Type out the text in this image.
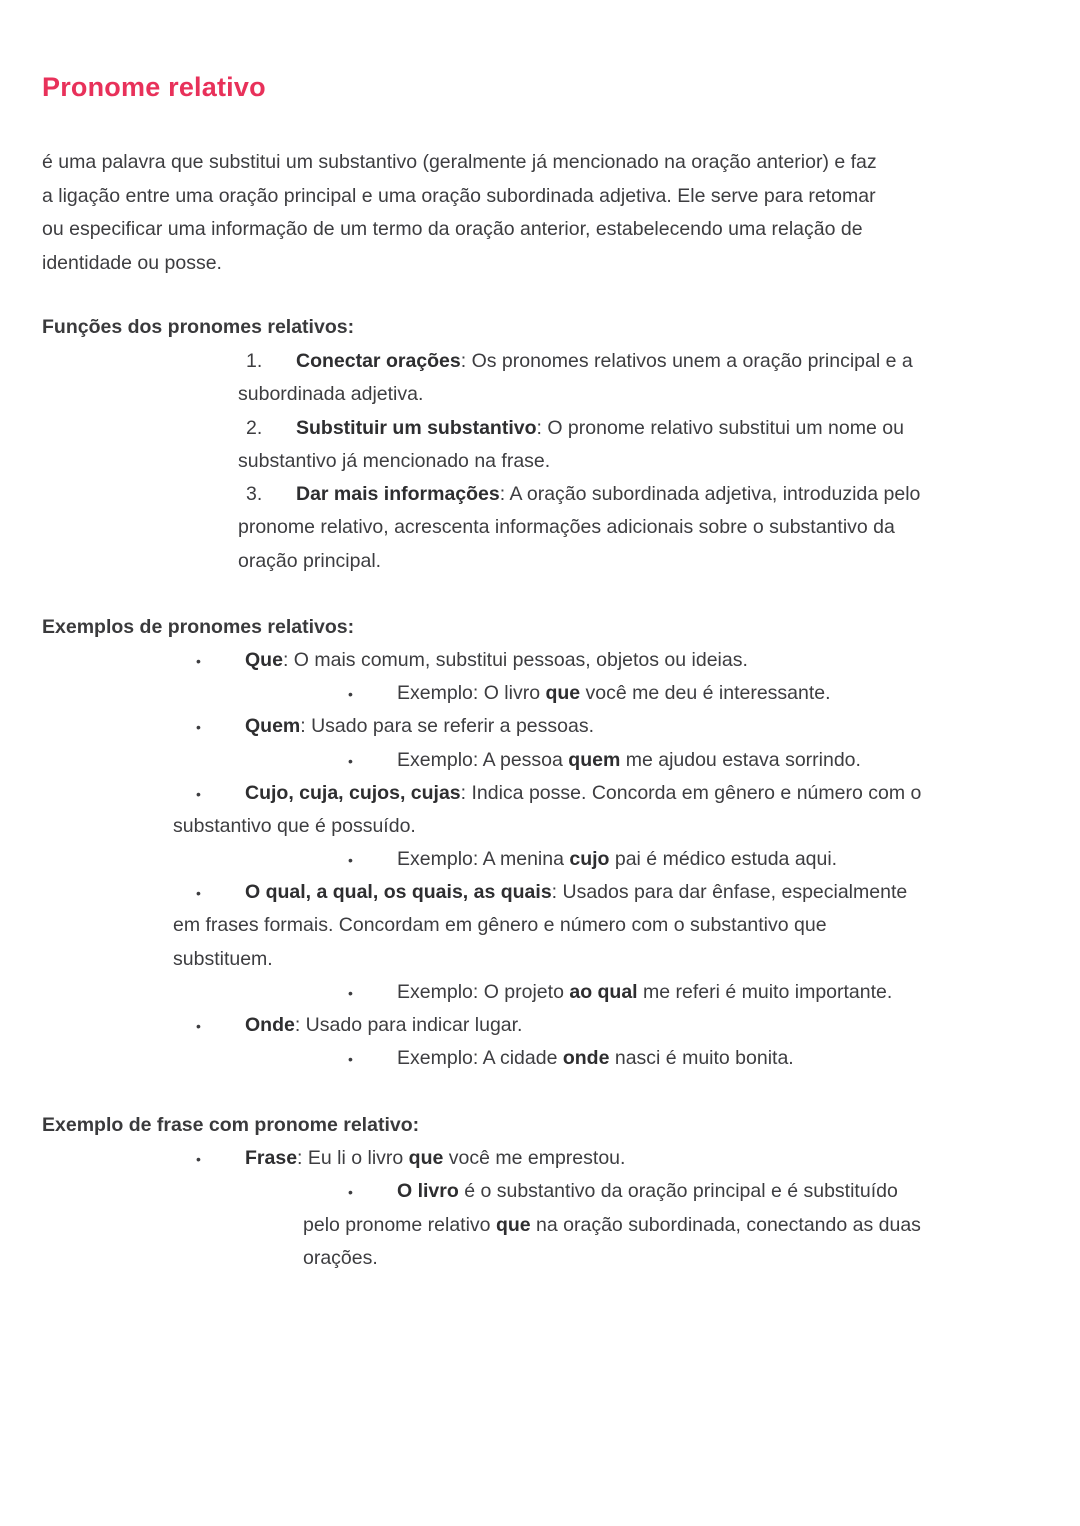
Pronome relativo
é uma palavra que substitui um substantivo (geralmente já mencionado na oração anterior) e faz
a ligação entre uma oração principal e uma oração subordinada adjetiva. Ele serve para retomar
ou especificar uma informação de um termo da oração anterior, estabelecendo uma relação de
identidade ou posse.
Funções dos pronomes relativos:
1. Conectar orações: Os pronomes relativos unem a oração principal e a
subordinada adjetiva.
2. Substituir um substantivo: O pronome relativo substitui um nome ou
substantivo já mencionado na frase.
3. Dar mais informações: A oração subordinada adjetiva, introduzida pelo
pronome relativo, acrescenta informações adicionais sobre o substantivo da
oração principal.
Exemplos de pronomes relativos:
• Que: O mais comum, substitui pessoas, objetos ou ideias.
• Exemplo: O livro que você me deu é interessante.
• Quem: Usado para se referir a pessoas.
• Exemplo: A pessoa quem me ajudou estava sorrindo.
• Cujo, cuja, cujos, cujas: Indica posse. Concorda em gênero e número com o
substantivo que é possuído.
• Exemplo: A menina cujo pai é médico estuda aqui.
• O qual, a qual, os quais, as quais: Usados para dar ênfase, especialmente
em frases formais. Concordam em gênero e número com o substantivo que
substituem.
• Exemplo: O projeto ao qual me referi é muito importante.
• Onde: Usado para indicar lugar.
• Exemplo: A cidade onde nasci é muito bonita.
Exemplo de frase com pronome relativo:
• Frase: Eu li o livro que você me emprestou.
• O livro é o substantivo da oração principal e é substituído
pelo pronome relativo que na oração subordinada, conectando as duas
orações.
